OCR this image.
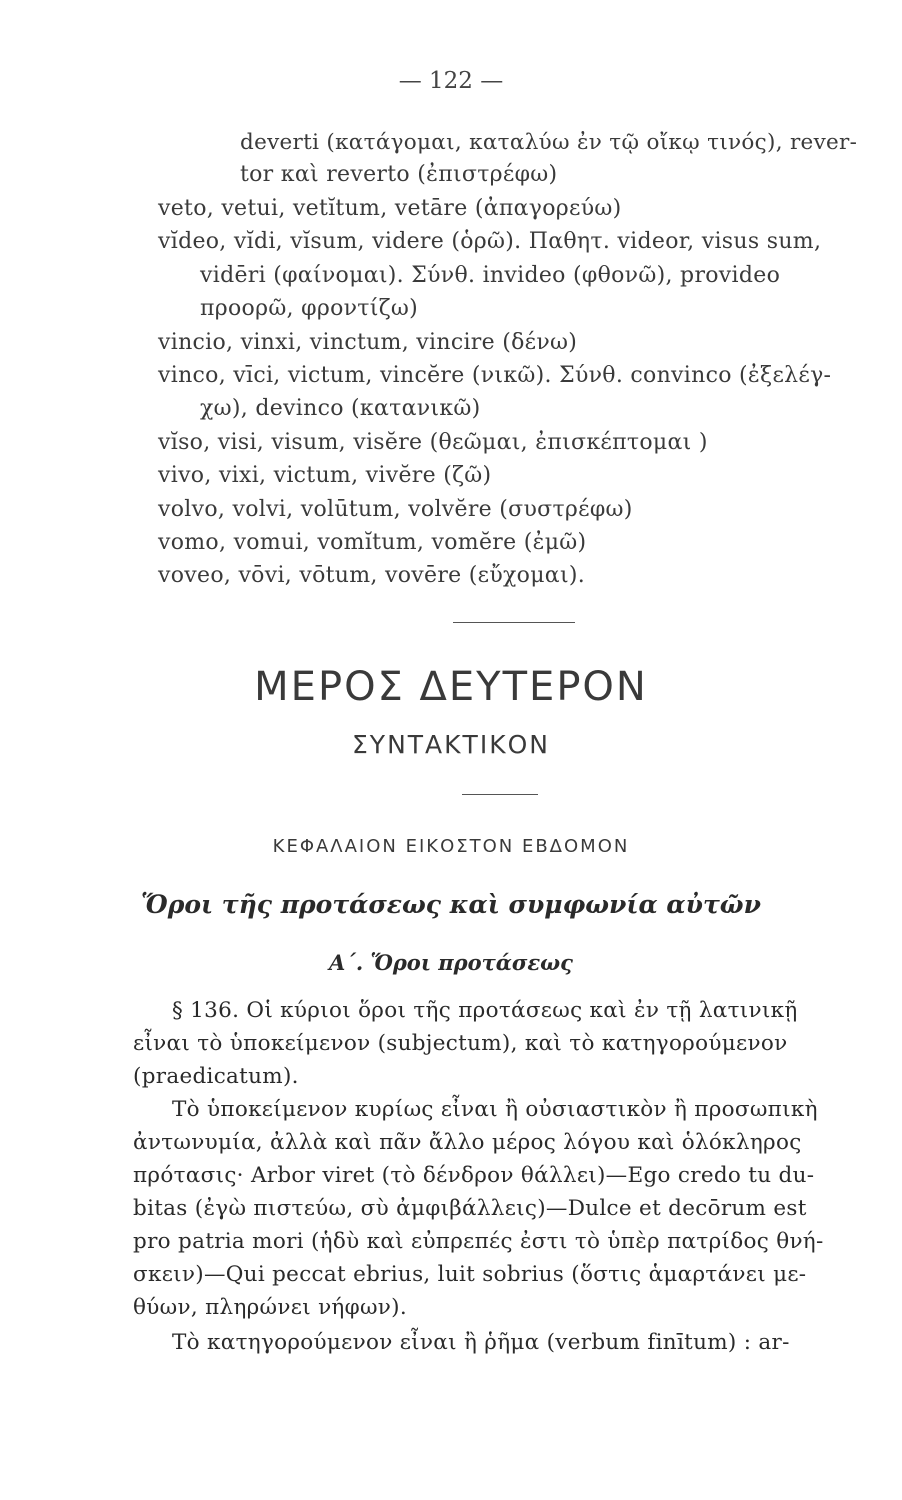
— 122 —
deverti (κατάγομαι, καταλύω ἐν τῷ οἴκῳ τινός), rever-
tor καὶ reverto (ἐπιστρέφω)
veto, vetui, vetĭtum, vetāre (ἀπαγορεύω)
vĭdeo, vĭdi, vĭsum, videre (ὁρῶ). Παθητ. videor, visus sum,
vidēri (φαίνομαι). Σύνθ. invideo (φθονῶ), provideo
προορῶ, φροντίζω)
vincio, vinxi, vinctum, vincire (δένω)
vinco, vīci, victum, vincĕre (νικῶ). Σύνθ. convinco (ἐξελέγ-
χω), devinco (κατανικῶ)
vĭso, visi, visum, visĕre (θεῶμαι, ἐπισκέπτομαι )
vivo, vixi, victum, vivĕre (ζῶ)
volvo, volvi, volūtum, volvĕre (συστρέφω)
vomo, vomui, vomĭtum, vomĕre (ἐμῶ)
voveo, vōvi, vōtum, vovēre (εὔχομαι).
ΜΕΡΟΣ ΔΕΥΤΕΡΟΝ
ΣΥΝΤΑΚΤΙΚΟΝ
ΚΕΦΑΛΑΙΟΝ ΕΙΚΟΣΤΟΝ ΕΒΔΟΜΟΝ
Ὅροι τῆς προτάσεως καὶ συμφωνία αὐτῶν
Α΄. Ὅροι προτάσεως
§ 136. Οἱ κύριοι ὅροι τῆς προτάσεως καὶ ἐν τῇ λατινικῇ
εἶναι τὸ ὑποκείμενον (subjectum), καὶ τὸ κατηγορούμενον
(praedicatum).
Τὸ ὑποκείμενον κυρίως εἶναι ἢ οὐσιαστικὸν ἢ προσωπικὴ
ἀντωνυμία, ἀλλὰ καὶ πᾶν ἄλλο μέρος λόγου καὶ ὁλόκληρος
πρότασις· Arbor viret (τὸ δένδρον θάλλει)—Ego credo tu du-
bitas (ἐγὼ πιστεύω, σὺ ἀμφιβάλλεις)—Dulce et decōrum est
pro patria mori (ἡδὺ καὶ εὐπρεπές ἐστι τὸ ὑπὲρ πατρίδος θνή-
σκειν)—Qui peccat ebrius, luit sobrius (ὅστις ἁμαρτάνει με-
θύων, πληρώνει νήφων).
Τὸ κατηγορούμενον εἶναι ἢ ῥῆμα (verbum finītum) : ar-
